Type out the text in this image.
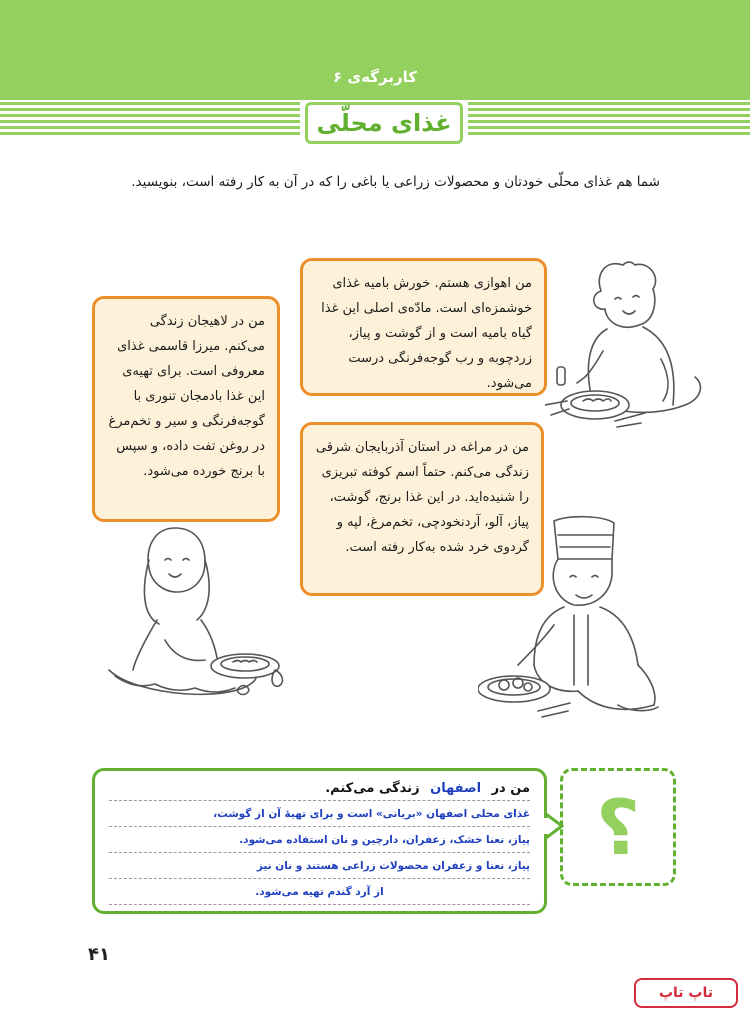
کاربرگه‌ی ۶
غذای محلّی
شما هم غذای محلّی خودتان و محصولات زراعی یا باغی را که در آن به کار رفته است، بنویسید.
من اهوازی هستم. خورش بامیه غذای خوشمزه‌ای است. مادّه‌ی اصلی این غذا گیاه بامیه است و از گوشت و پیاز، زردچوبه و رب گوجه‌فرنگی درست می‌شود.
من در لاهیجان زندگی می‌کنم. میرزا قاسمی غذای معروفی است. برای تهیه‌ی این غذا بادمجان تنوری با گوجه‌فرنگی و سیر و تخم‌مرغ در روغن تفت داده، و سپس با برنج خورده می‌شود.
من در مراغه در استان آذربایجان شرقی زندگی می‌کنم. حتماً اسم کوفته تبریزی را شنیده‌اید. در این غذا برنج، گوشت، پیاز، آلو، آردنخودچی، تخم‌مرغ، لپه و گردوی خرد شده به‌کار رفته است.
من در اصفهان زندگی می‌کنم.
غذای محلی اصفهان «بریانی» است و برای تهیهٔ آن از گوشت،
پیاز، نعنا خشک، زعفران، دارچین و نان استفاده می‌شود.
پیاز، نعنا و زعفران محصولات زراعی هستند و نان نیز
از آرد گندم تهیه می‌شود.
؟
۴۱
تاپ تاپ
